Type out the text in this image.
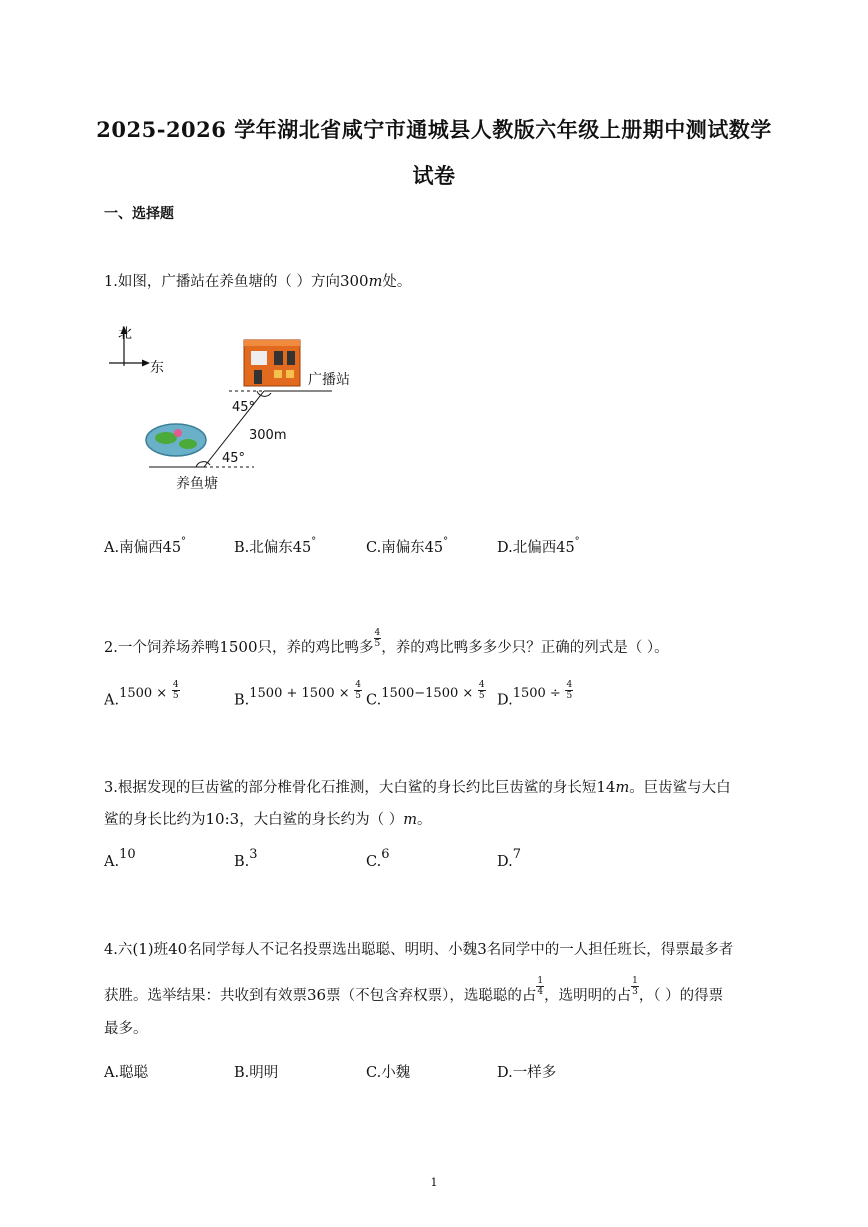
2025-2026 学年湖北省咸宁市通城县人教版六年级上册期中测试数学
试卷
一、选择题
1.如图，广播站在养鱼塘的（ ）方向300m处。
北
东
广播站
45°
300m
45°
养鱼塘
A.南偏西45°	B.北偏东45°	C.南偏东45°	D.北偏西45°
2.一个饲养场养鸭1500只，养的鸡比鸭多 $\frac{4}{5}$ ，养的鸡比鸭多多少只？正确的列式是（ ）。
$A.1500 \times \frac{4}{5}$	$B.1500 + 1500 \times \frac{4}{5} C.1500-1500 \times \frac{4}{5} D.1500 \div \frac{4}{5}$
3.根据发现的巨齿鲨的部分椎骨化石推测，大白鲨的身长约比巨齿鲨的身长短14m。巨齿鲨与大白
鲨的身长比约为10:3，大白鲨的身长约为（ ）m。
A.10	B.3	C.6	D.7
4.六(1)班40名同学每人不记名投票选出聪聪、明明、小魏3名同学中的一人担任班长，得票最多者
获胜。选举结果：共收到有效票36票（不包含弃权票），选聪聪的占 $\frac{1}{4}$ ，选明明的占 $\frac{1}{3}$ ，（ ）的得票
最多。
A.聪聪	B.明明	C.小魏	D.一样多
1
